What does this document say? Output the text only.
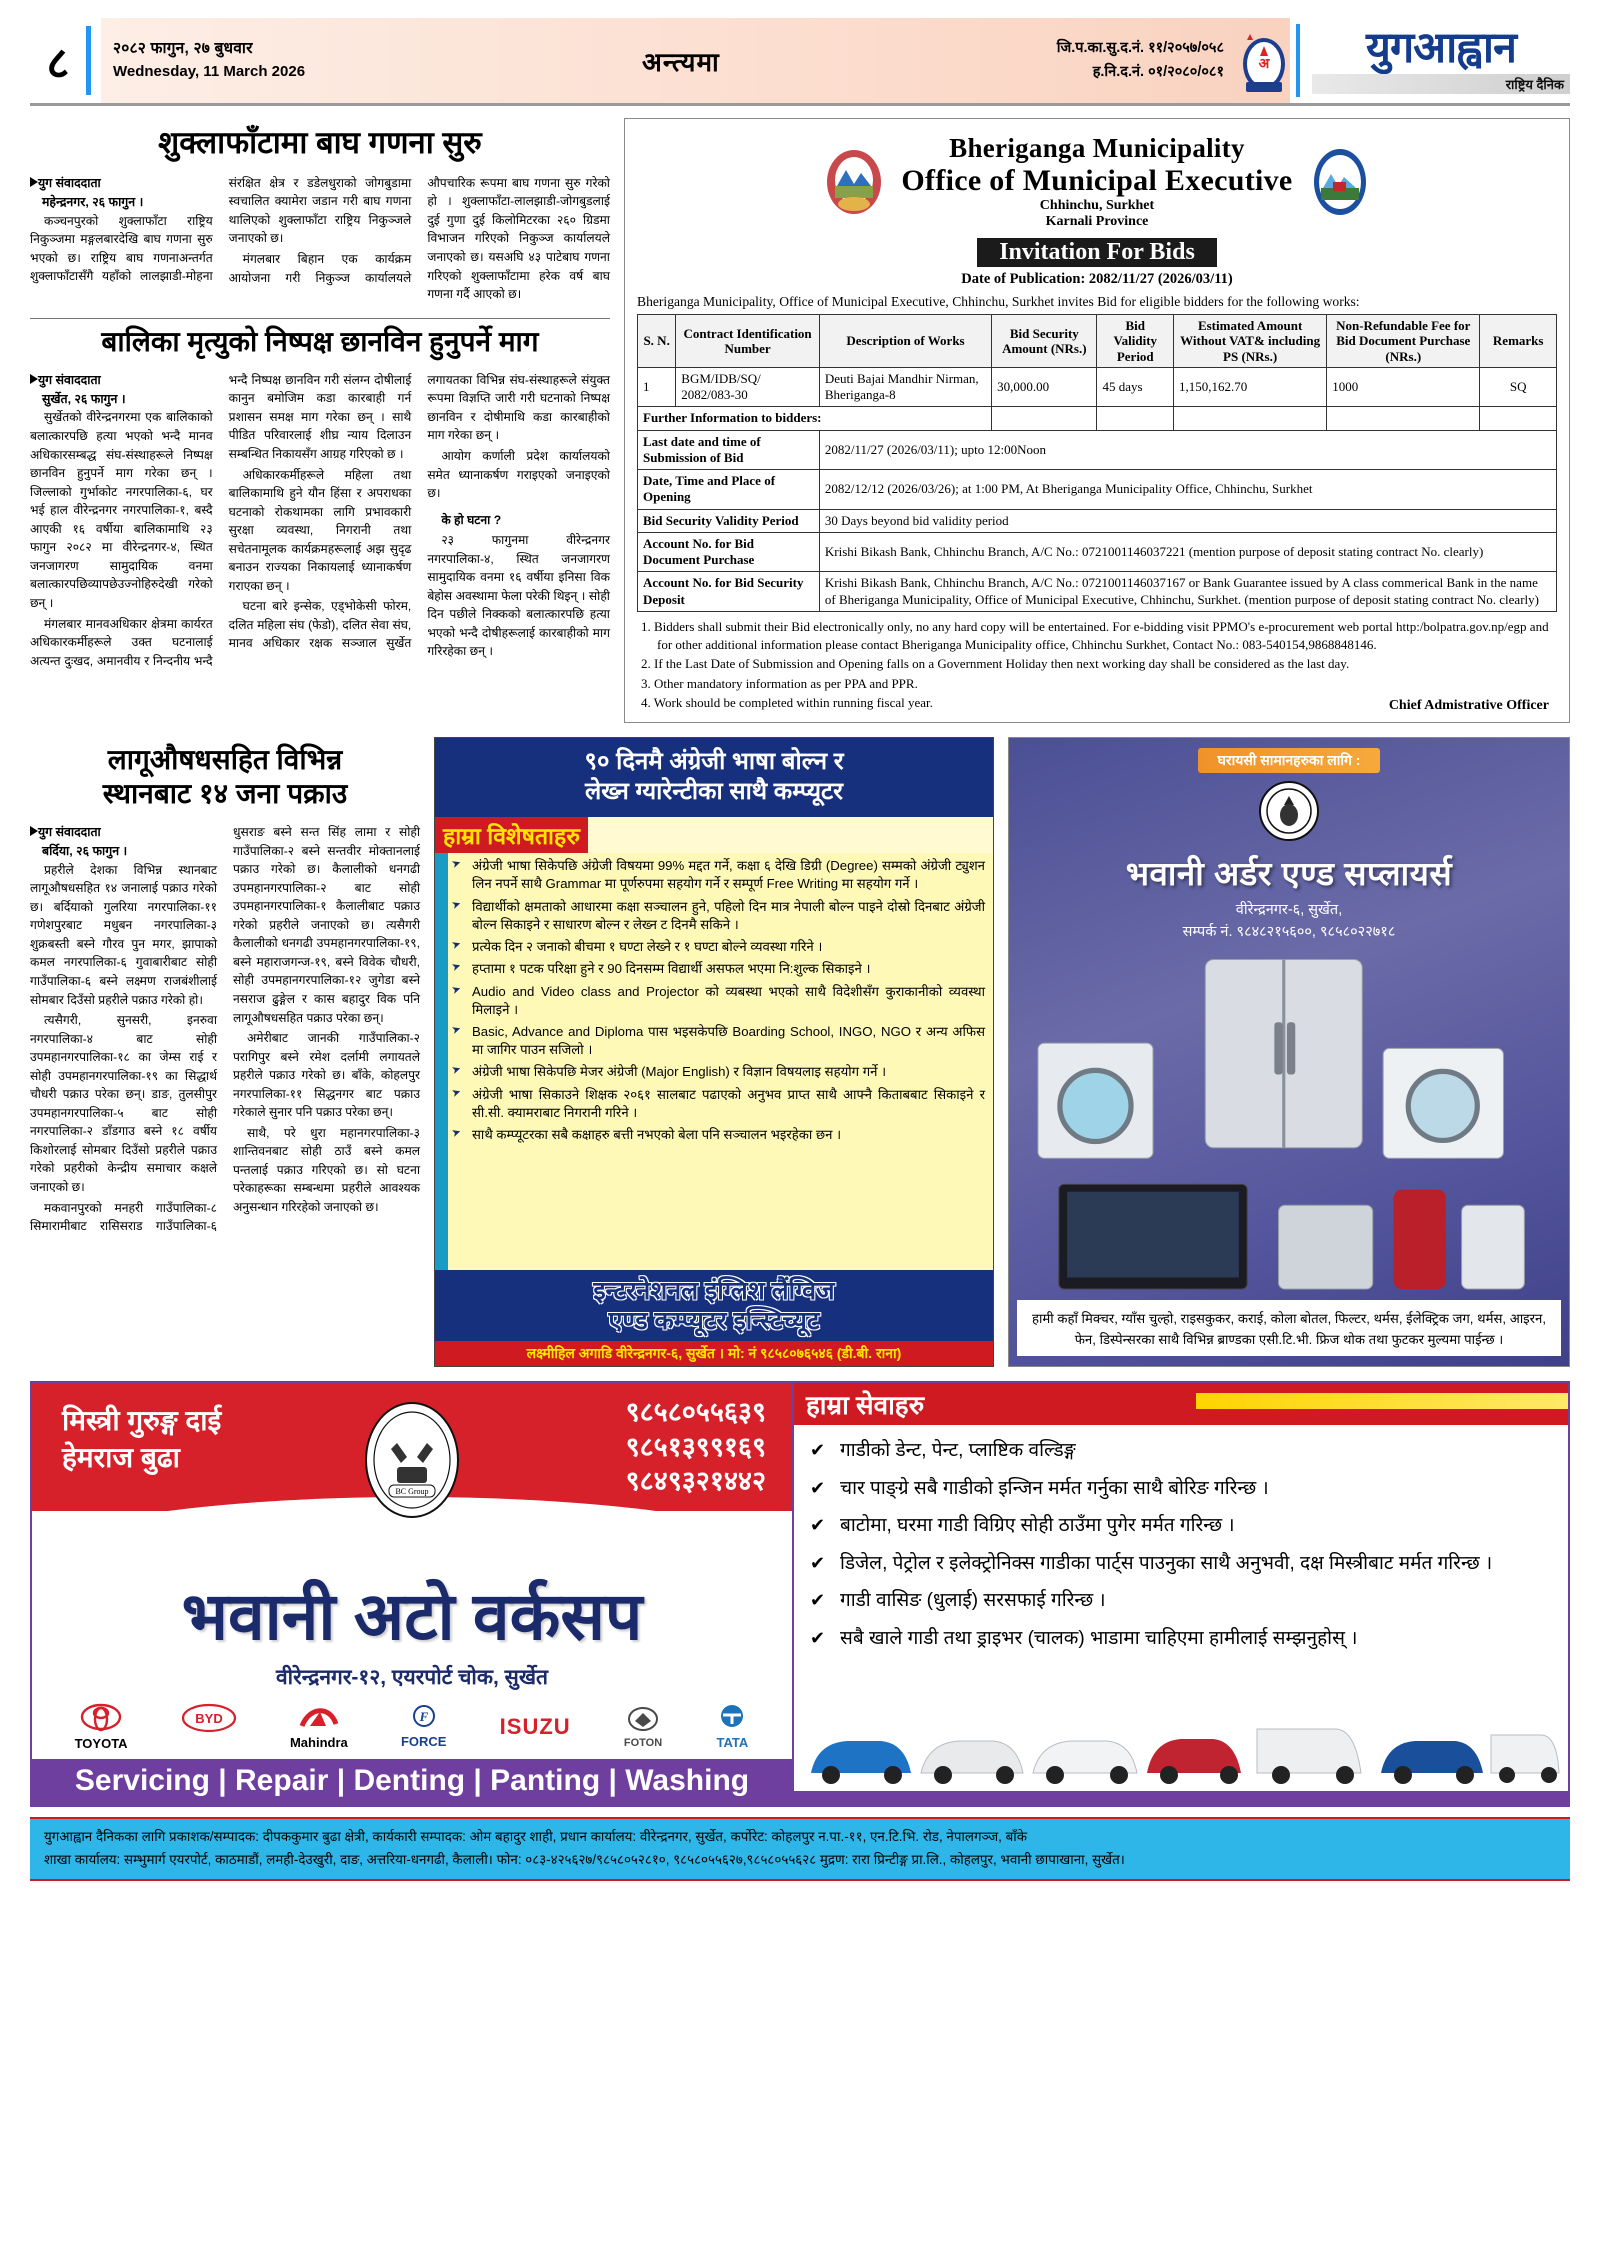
८	२०८२ फागुन, २७ बुधवार
Wednesday, 11 March 2026	अन्त्यमा	जि.प.का.सु.द.नं. ११/२०५७/०५८
ह.नि.द.नं. ०१/२०८०/०८१ अ युगआह्वान
राष्ट्रिय दैनिक
शुक्लाफाँटामा बाघ गणना सुरु
युग संवाददाता
महेन्द्रनगर, २६ फागुन ।

कञ्चनपुरको शुक्लाफाँटा राष्ट्रिय निकुञ्जमा मङ्गलबारदेखि बाघ गणना सुरु भएको छ। राष्ट्रिय बाघ गणनाअन्तर्गत शुक्लाफाँटासँगै यहाँको लालझाडी-मोहना संरक्षित क्षेत्र र डडेलधुराको जोगबुडामा स्वचालित क्यामेरा जडान गरी बाघ गणना थालिएको शुक्लाफाँटा राष्ट्रिय निकुञ्जले जनाएको छ।

मंगलबार बिहान एक कार्यक्रम आयोजना गरी निकुञ्ज कार्यालयले औपचारिक रूपमा बाघ गणना सुरु गरेको हो । शुक्लाफाँटा-लालझाडी-जोगबुडलाई दुई गुणा दुई किलोमिटरका २६० ग्रिडमा विभाजन गरिएको निकुञ्ज कार्यालयले जनाएको छ। यसअघि ४३ पाटेबाघ गणना गरिएको शुक्लाफाँटामा हरेक वर्ष बाघ गणना गर्दै आएको छ।

बालिका मृत्युको निष्पक्ष छानविन हुनुपर्ने माग
युग संवाददाता
सुर्खेत, २६ फागुन ।

सुर्खेतको वीरेन्द्रनगरमा एक बालिकाको बलात्कारपछि हत्या भएको भन्दै मानव अधिकारसम्बद्ध संघ-संस्थाहरूले निष्पक्ष छानविन हुनुपर्ने माग गरेका छन् । जिल्लाको गुर्भाकोट नगरपालिका-६, घर भई हाल वीरेन्द्रनगर नगरपालिका-१, बस्दै आएकी १६ वर्षीया बालिकामाथि २३ फागुन २०८२ मा वीरेन्द्रनगर-४, स्थित जनजागरण सामुदायिक वनमा बलात्कारपछिव्यापछेउज्नोहिरुदेखी गरेको छन् ।

मंगलबार मानवअधिकार क्षेत्रमा कार्यरत अधिकारकर्मीहरूले उक्त घटनालाई अत्यन्त दुःखद, अमानवीय र निन्दनीय भन्दै भन्दै निष्पक्ष छानविन गरी संलग्न दोषीलाई कानुन बमोजिम कडा कारबाही गर्न प्रशासन समक्ष माग गरेका छन् । साथै पीडित परिवारलाई शीघ्र न्याय दिलाउन सम्बन्धित निकायसँग आग्रह गरिएको छ ।

अधिकारकर्मीहरूले महिला तथा बालिकामाथि हुने यौन हिंसा र अपराधका घटनाको रोकथामका लागि प्रभावकारी सुरक्षा व्यवस्था, निगरानी तथा सचेतनामूलक कार्यक्रमहरूलाई अझ सुदृढ बनाउन राज्यका निकायलाई ध्यानाकर्षण गराएका छन् ।

घटना बारे इन्सेक, एड्भोकेसी फोरम, दलित महिला संघ (फेडो), दलित सेवा संघ, मानव अधिकार रक्षक सञ्जाल सुर्खेत लगायतका विभिन्न संघ-संस्थाहरूले संयुक्त रूपमा विज्ञप्ति जारी गरी घटनाको निष्पक्ष छानविन र दोषीमाथि कडा कारबाहीको माग गरेका छन् ।

आयोग कर्णाली प्रदेश कार्यालयको समेत ध्यानाकर्षण गराइएको जनाइएको छ।

के हो घटना ?

२३ फागुनमा वीरेन्द्रनगर नगरपालिका-४, स्थित जनजागरण सामुदायिक वनमा १६ वर्षीया इनिसा विक बेहोस अवस्थामा फेला परेकी थिइन् । सोही दिन पछीले निक्कको बलात्कारपछि हत्या भएको भन्दै दोषीहरूलाई कारबाहीको माग गरिरहेका छन् ।

Bheriganga Municipality
Office of Municipal Executive
Chhinchu, Surkhet
Karnali Province
Invitation For Bids
Date of Publication: 2082/11/27 (2026/03/11)
Bheriganga Municipality, Office of Municipal Executive, Chhinchu, Surkhet invites Bid for eligible bidders for the following works:
S. N.	Contract Identification Number	Description of Works	Bid Security Amount (NRs.)	Bid Validity Period	Estimated Amount Without VAT& including PS (NRs.)	Non-Refundable Fee for Bid Document Purchase (NRs.)	Remarks
1	BGM/IDB/SQ/ 2082/083-30	Deuti Bajai Mandhir Nirman, Bheriganga-8	30,000.00	45 days	1,150,162.70	1000	SQ
Further Information to bidders:							
Last date and time of Submission of Bid		2082/11/27 (2026/03/11); upto 12:00Noon					
Date, Time and Place of Opening		2082/12/12 (2026/03/26); at 1:00 PM, At Bheriganga Municipality Office, Chhinchu, Surkhet					
Bid Security Validity Period		30 Days beyond bid validity period					
Account No. for Bid Document Purchase		Krishi Bikash Bank, Chhinchu Branch, A/C No.: 0721001146037221 (mention purpose of deposit stating contract No. clearly)					
Account No. for Bid Security Deposit		Krishi Bikash Bank, Chhinchu Branch, A/C No.: 0721001146037167 or Bank Guarantee issued by A class commerical Bank in the name of Bheriganga Municipality, Office of Municipal Executive, Chhinchu, Surkhet. (mention purpose of deposit stating contract No. clearly)					
1. Bidders shall submit their Bid electronically only, no any hard copy will be entertained. For e-bidding visit PPMO's e-procurement web portal http:/bolpatra.gov.np/egp and for other additional information please contact Bheriganga Municipality office, Chhinchu Surkhet, Contact No.: 083-540154,9868848146.
2. If the Last Date of Submission and Opening falls on a Government Holiday then next working day shall be considered as the last day.
3. Other mandatory information as per PPA and PPR.
4. Work should be completed within running fiscal year.	Chief Admistrative Officer
लागूऔषधसहित विभिन्न
स्थानबाट १४ जना पक्राउ
युग संवाददाता
बर्दिया, २६ फागुन ।

प्रहरीले देशका विभिन्न स्थानबाट लागूऔषधसहित १४ जनालाई पक्राउ गरेको छ। बर्दियाको गुलरिया नगरपालिका-११ गणेशपुरबाट मधुबन नगरपालिका-३ शुक्रबस्ती बस्ने गौरव पुन मगर, झापाको कमल नगरपालिका-६ गुवाबारीबाट सोही गाउँपालिका-६ बस्ने लक्ष्मण राजबंशीलाई सोमबार दिउँसो प्रहरीले पक्राउ गरेको हो।

त्यसैगरी, सुनसरी, इनरुवा नगरपालिका-४ बाट सोही उपमहानगरपालिका-१८ का जेम्स राई र सोही उपमहानगरपालिका-१९ का सिद्धार्थ चौधरी पक्राउ परेका छन्। डाङ, तुलसीपुर उपमहानगरपालिका-५ बाट सोही नगरपालिका-२ डाँडगाउ बस्ने १८ वर्षीय किशोरलाई सोमबार दिउँसो प्रहरीले पक्राउ गरेको प्रहरीको केन्द्रीय समाचार कक्षले जनाएको छ।

मकवानपुरको मनहरी गाउँपालिका-८ सिमारामीबाट रासिसराड गाउँपालिका-६ धुसराङ बस्ने सन्त सिंह लामा र सोही गाउँपालिका-२ बस्ने सन्तवीर मोक्तानलाई पक्राउ गरेको छ। कैलालीको धनगढी उपमहानगरपालिका-२ बाट सोही उपमहानगरपालिका-१ कैलालीबाट पक्राउ गरेको प्रहरीले जनाएको छ। त्यसैगरी कैलालीको धनगढी उपमहानगरपालिका-१९, बस्ने महाराजगन्ज-१९, बस्ने विवेक चौधरी, सोही उपमहानगरपालिका-१२ जुगेडा बस्ने नसराज ढुङ्गेल र कास बहादुर विक पनि लागूऔषधसहित पक्राउ परेका छन्।

अमेरीबाट जानकी गाउँपालिका-२ परागिपुर बस्ने रमेश दर्लामी लगायतले प्रहरीले पक्राउ गरेको छ। बाँके, कोहलपुर नगरपालिका-११ सिद्धनगर बाट पक्राउ गरेकाले सुनार पनि पक्राउ परेका छन्।

साथै, परे धुरा महानगरपालिका-३ शान्तिवनबाट सोही ठाउँ बस्ने कमल पन्तलाई पक्राउ गरिएको छ। सो घटना परेकाहरूका सम्बन्धमा प्रहरीले आवश्यक अनुसन्धान गरिरहेको जनाएको छ।

९० दिनमै अंग्रेजी भाषा बोल्न र
लेख्न ग्यारेन्टीका साथै कम्प्यूटर
हाम्रा विशेषताहरु
➤ अंग्रेजी भाषा सिकेपछि अंग्रेजी विषयमा 99% मद्दत गर्ने, कक्षा ६ देखि डिग्री (Degree) सम्मको अंग्रेजी ट्युशन लिन नपर्ने साथै Grammar मा पूर्णरुपमा सहयोग गर्ने र सम्पूर्ण Free Writing मा सहयोग गर्ने ।
➤ विद्यार्थीको क्षमताको आधारमा कक्षा सञ्चालन हुने, पहिलो दिन मात्र नेपाली बोल्न पाइने दोस्रो दिनबाट अंग्रेजी बोल्न सिकाइने र साधारण बोल्न र लेख्न ट दिनमै सकिने ।
➤ प्रत्येक दिन २ जनाको बीचमा १ घण्टा लेख्ने र १ घण्टा बोल्ने व्यवस्था गरिने ।
➤ हप्तामा १ पटक परिक्षा हुने र 90 दिनसम्म विद्यार्थी असफल भएमा नि:शुल्क सिकाइने ।
➤ Audio and Video class and Projector को व्यबस्था भएको साथै विदेशीसँग कुराकानीको व्यवस्था मिलाइने ।
➤ Basic, Advance and Diploma पास भइसकेपछि Boarding School, INGO, NGO र अन्य अफिस मा जागिर पाउन सजिलो ।
➤ अंग्रेजी भाषा सिकेपछि मेजर अंग्रेजी (Major English) र विज्ञान विषयलाइ सहयोग गर्ने ।
➤ अंग्रेजी भाषा सिकाउने शिक्षक २०६१ सालबाट पढाएको अनुभव प्राप्त साथै आफ्नै किताबबाट सिकाइने र सी.सी. क्यामराबाट निगरानी गरिने ।
➤ साथै कम्प्यूटरका सबै कक्षाहरु बत्ती नभएको बेला पनि सञ्चालन भइरहेका छन ।
इन्टरनेशनल इंग्लिश लैंग्विज
एण्ड कम्प्यूटर इन्स्टिच्यूट
लक्ष्मीहिल अगाडि वीरेन्द्रनगर-६, सुर्खेत । मो: नं ९८५८०७६५४६ (डी.बी. राना)
घरायसी सामानहरुका लागि :
भवानी अर्डर एण्ड सप्लायर्स
वीरेन्द्रनगर-६, सुर्खेत,
सम्पर्क नं. ९८४८२१५६००, ९८५८०२२७१८
हामी कहाँ मिक्चर, ग्याँस चुल्हो, राइसकुकर, कराई, कोला बोतल, फिल्टर, थर्मस, ईलेक्ट्रिक जग, थर्मस, आइरन, फेन, डिस्पेन्सरका साथै विभिन्न ब्राण्डका एसी.टि.भी. फ्रिज थोक तथा फुटकर मुल्यमा पाईन्छ ।
मिस्त्री गुरुङ्ग दाई
हेमराज बुढा
९८५८०५५६३९
९८५१३९९१६९
९८४९३२१४४२
BC Group
भवानी अटो वर्कसप
वीरेन्द्रनगर-१२, एयरपोर्ट चोक, सुर्खेत
TOYOTA
BYD
Mahindra
F
FORCE
ISUZU
FOTON	TATA
Servicing | Repair | Denting | Panting | Washing
हाम्रा सेवाहरु
✔ गाडीको डेन्ट, पेन्ट, प्लाष्टिक वल्डिङ्ग
✔ चार पाङ्ग्रे सबै गाडीको इन्जिन मर्मत गर्नुका साथै बोरिङ गरिन्छ ।
✔ बाटोमा, घरमा गाडी विग्रिए सोही ठाउँमा पुगेर मर्मत गरिन्छ ।
✔ डिजेल, पेट्रोल र इलेक्ट्रोनिक्स गाडीका पार्ट्स पाउनुका साथै अनुभवी, दक्ष मिस्त्रीबाट मर्मत गरिन्छ ।
✔ गाडी वासिङ (धुलाई) सरसफाई गरिन्छ ।
✔ सबै खाले गाडी तथा ड्राइभर (चालक) भाडामा चाहिएमा हामीलाई सम्झनुहोस् ।
युगआह्वान दैनिकका लागि प्रकाशक/सम्पादक: दीपककुमार बुढा क्षेत्री, कार्यकारी सम्पादक: ओम बहादुर शाही, प्रधान कार्यालय: वीरेन्द्रनगर, सुर्खेत, कर्पोरेट: कोहलपुर न.पा.-११, एन.टि.भि. रोड, नेपालगञ्ज, बाँके
शाखा कार्यालय: सम्भुमार्ग एयरपोर्ट, काठमाडौं, लमही-देउखुरी, दाङ, अत्तरिया-धनगढी, कैलाली। फोन: ०८३-४२५६२७/९८५८०५२८१०, ९८५८०५५६२७,९८५८०५५६२८ मुद्रण: रारा प्रिन्टीङ्ग प्रा.लि., कोहलपुर, भवानी छापाखाना, सुर्खेत।
